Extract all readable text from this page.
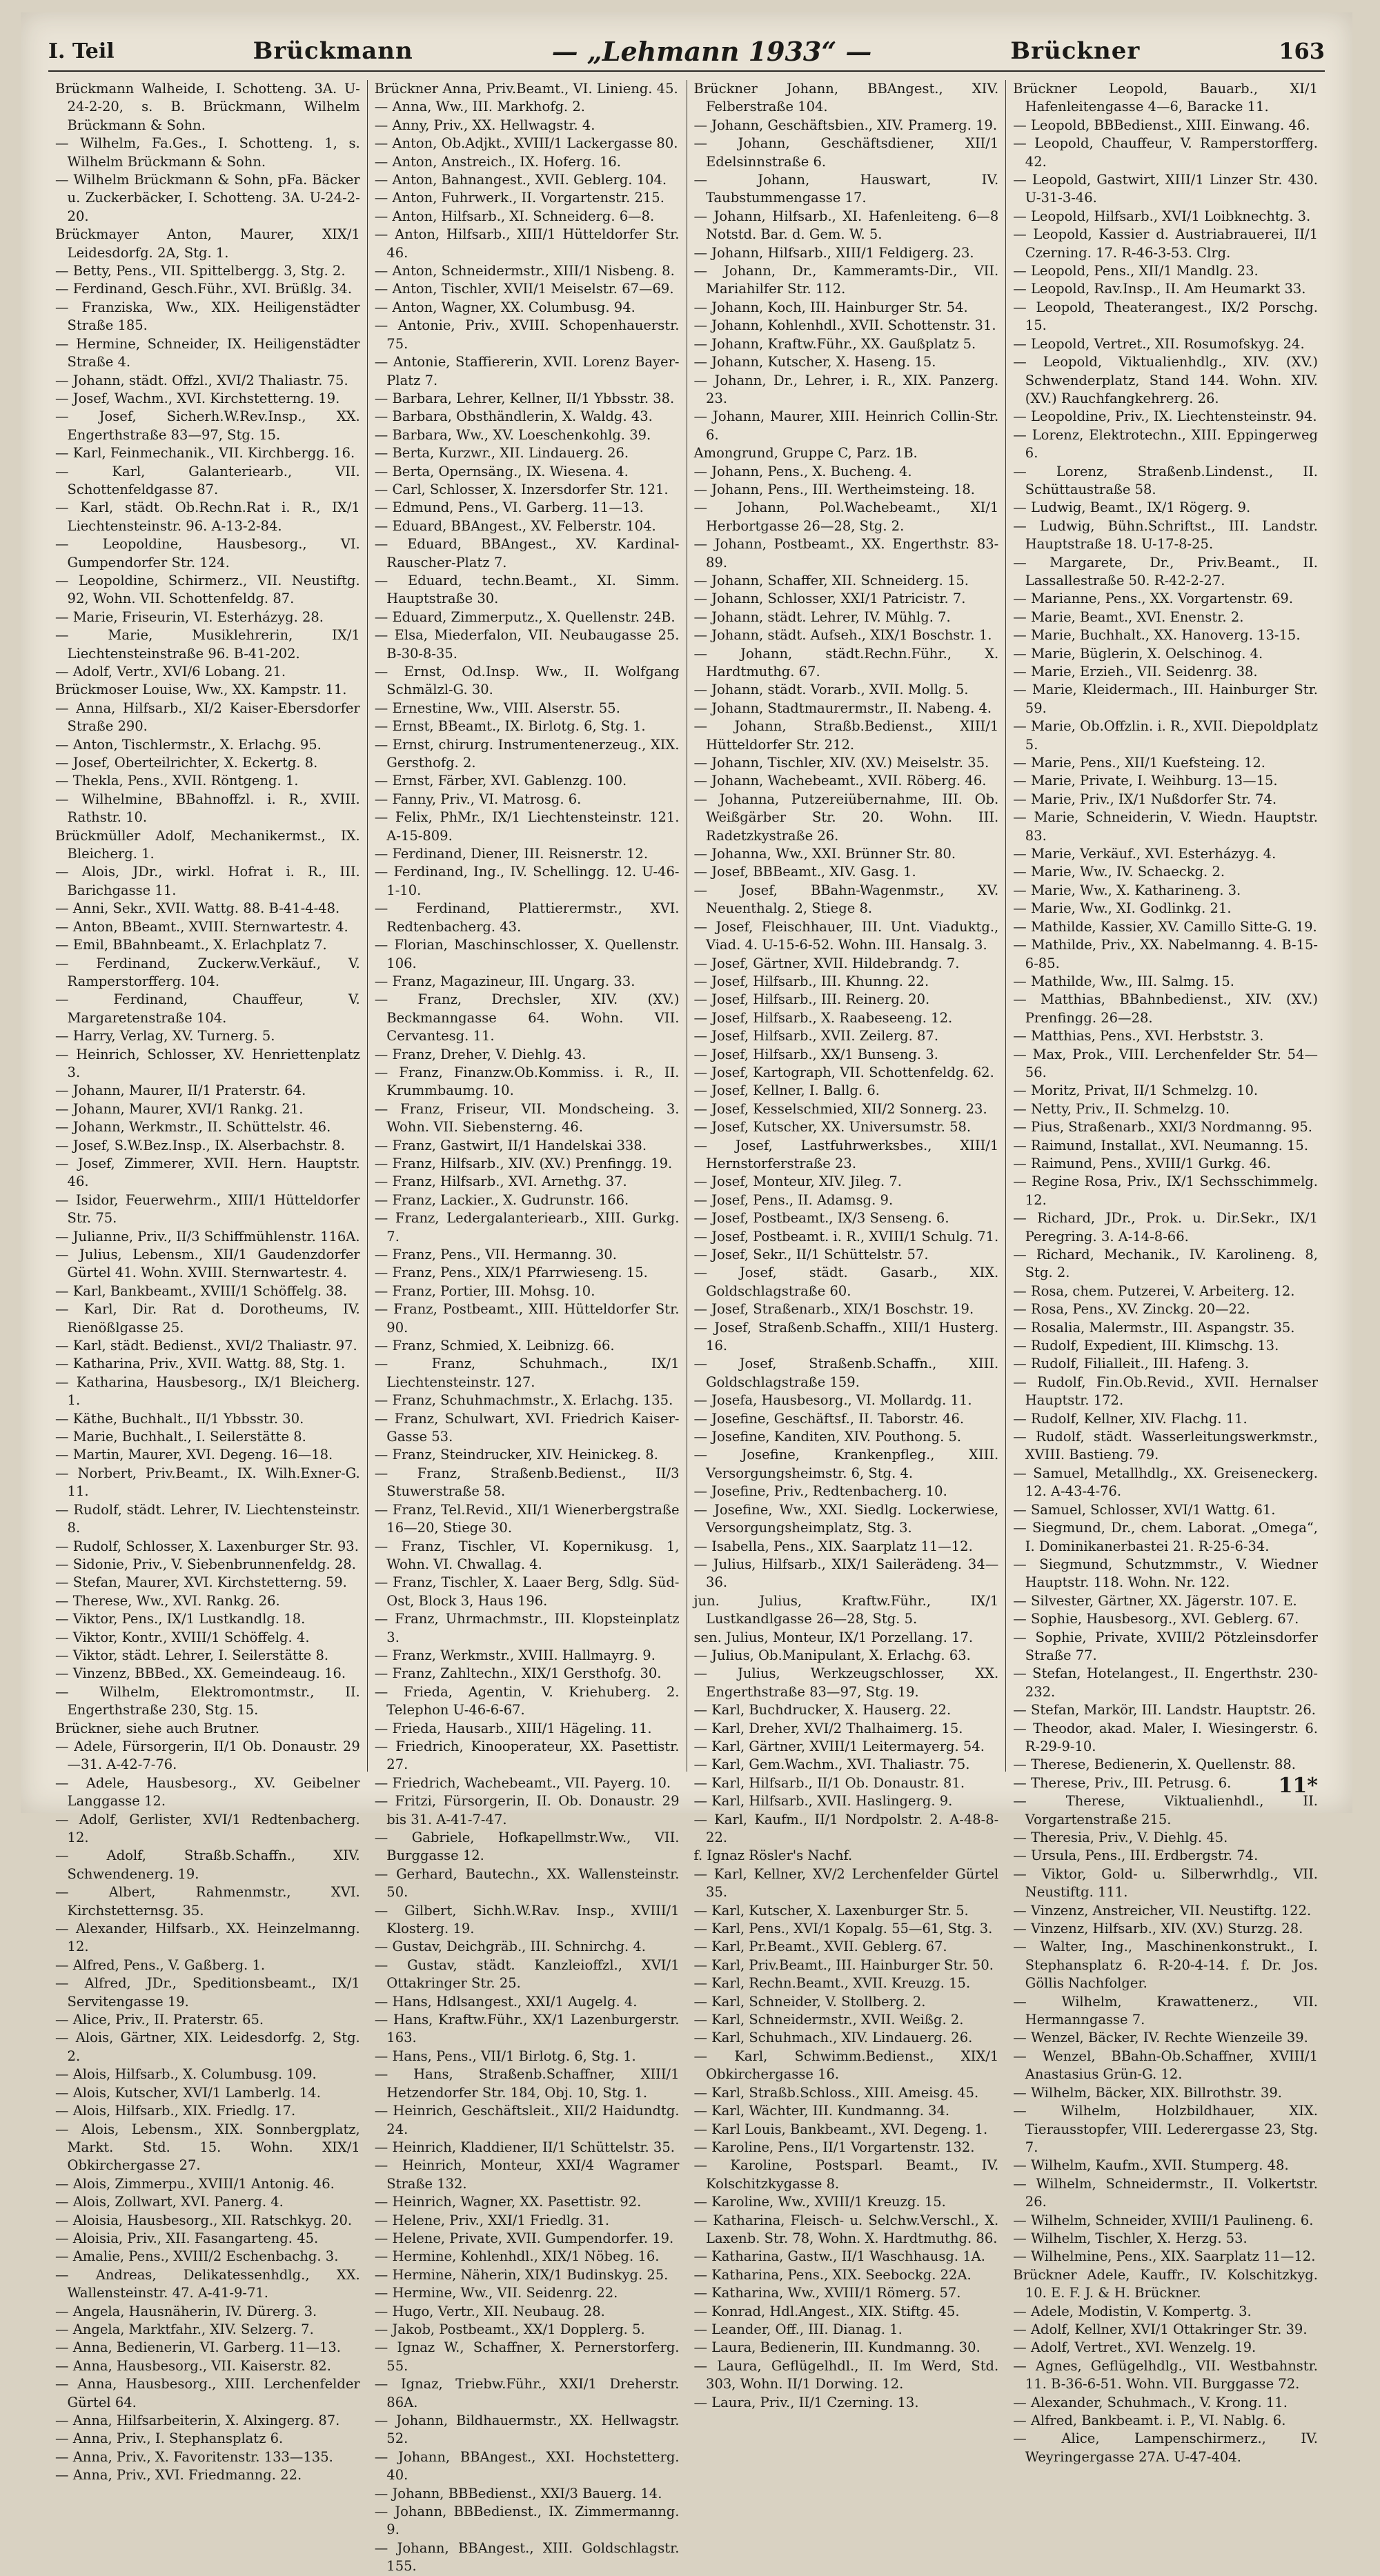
I. Teil	Brückmann	— „Lehmann 1933“ —	Brückner	163
Brückmann Walheide, I. Schotteng. 3A. U-24-2-20, s. B. Brückmann, Wilhelm Brückmann & Sohn.
— Wilhelm, Fa.Ges., I. Schotteng. 1, s. Wilhelm Brückmann & Sohn.
— Wilhelm Brückmann & Sohn, pFa. Bäcker u. Zuckerbäcker, I. Schotteng. 3A. U-24-2-20.
Brückmayer Anton, Maurer, XIX/1 Leidesdorfg. 2A, Stg. 1.
— Betty, Pens., VII. Spittelbergg. 3, Stg. 2.
— Ferdinand, Gesch.Führ., XVI. Brüßlg. 34.
— Franziska, Ww., XIX. Heiligenstädter Straße 185.
— Hermine, Schneider, IX. Heiligenstädter Straße 4.
— Johann, städt. Offzl., XVI/2 Thaliastr. 75.
— Josef, Wachm., XVI. Kirchstetterng. 19.
— Josef, Sicherh.W.Rev.Insp., XX. Engerthstraße 83—97, Stg. 15.
— Karl, Feinmechanik., VII. Kirchbergg. 16.
— Karl, Galanteriearb., VII. Schottenfeldgasse 87.
— Karl, städt. Ob.Rechn.Rat i. R., IX/1 Liechtensteinstr. 96. A-13-2-84.
— Leopoldine, Hausbesorg., VI. Gumpendorfer Str. 124.
— Leopoldine, Schirmerz., VII. Neustiftg. 92, Wohn. VII. Schottenfeldg. 87.
— Marie, Friseurin, VI. Esterházyg. 28.
— Marie, Musiklehrerin, IX/1 Liechtensteinstraße 96. B-41-202.
— Adolf, Vertr., XVI/6 Lobang. 21.
Brückmoser Louise, Ww., XX. Kampstr. 11.
— Anna, Hilfsarb., XI/2 Kaiser-Ebersdorfer Straße 290.
— Anton, Tischlermstr., X. Erlachg. 95.
— Josef, Oberteilrichter, X. Eckertg. 8.
— Thekla, Pens., XVII. Röntgeng. 1.
— Wilhelmine, BBahnoffzl. i. R., XVIII. Rathstr. 10.
Brückmüller Adolf, Mechanikermst., IX. Bleicherg. 1.
— Alois, JDr., wirkl. Hofrat i. R., III. Barichgasse 11.
— Anni, Sekr., XVII. Wattg. 88. B-41-4-48.
— Anton, BBeamt., XVIII. Sternwartestr. 4.
— Emil, BBahnbeamt., X. Erlachplatz 7.
— Ferdinand, Zuckerw.Verkäuf., V. Ramperstorfferg. 104.
— Ferdinand, Chauffeur, V. Margaretenstraße 104.
— Harry, Verlag, XV. Turnerg. 5.
— Heinrich, Schlosser, XV. Henriettenplatz 3.
— Johann, Maurer, II/1 Praterstr. 64.
— Johann, Maurer, XVI/1 Rankg. 21.
— Johann, Werkmstr., II. Schüttelstr. 46.
— Josef, S.W.Bez.Insp., IX. Alserbachstr. 8.
— Josef, Zimmerer, XVII. Hern. Hauptstr. 46.
— Isidor, Feuerwehrm., XIII/1 Hütteldorfer Str. 75.
— Julianne, Priv., II/3 Schiffmühlenstr. 116A.
— Julius, Lebensm., XII/1 Gaudenzdorfer Gürtel 41. Wohn. XVIII. Sternwartestr. 4.
— Karl, Bankbeamt., XVIII/1 Schöffelg. 38.
— Karl, Dir. Rat d. Dorotheums, IV. Rienößlgasse 25.
— Karl, städt. Bedienst., XVI/2 Thaliastr. 97.
— Katharina, Priv., XVII. Wattg. 88, Stg. 1.
— Katharina, Hausbesorg., IX/1 Bleicherg. 1.
— Käthe, Buchhalt., II/1 Ybbsstr. 30.
— Marie, Buchhalt., I. Seilerstätte 8.
— Martin, Maurer, XVI. Degeng. 16—18.
— Norbert, Priv.Beamt., IX. Wilh.Exner-G. 11.
— Rudolf, städt. Lehrer, IV. Liechtensteinstr. 8.
— Rudolf, Schlosser, X. Laxenburger Str. 93.
— Sidonie, Priv., V. Siebenbrunnenfeldg. 28.
— Stefan, Maurer, XVI. Kirchstetterng. 59.
— Therese, Ww., XVI. Rankg. 26.
— Viktor, Pens., IX/1 Lustkandlg. 18.
— Viktor, Kontr., XVIII/1 Schöffelg. 4.
— Viktor, städt. Lehrer, I. Seilerstätte 8.
— Vinzenz, BBBed., XX. Gemeindeaug. 16.
— Wilhelm, Elektromontmstr., II. Engerthstraße 230, Stg. 15.
Brückner, siehe auch Brutner.
— Adele, Fürsorgerin, II/1 Ob. Donaustr. 29—31. A-42-7-76.
— Adele, Hausbesorg., XV. Geibelner Langgasse 12.
— Adolf, Gerlister, XVI/1 Redtenbacherg. 12.
— Adolf, Straßb.Schaffn., XIV. Schwendenerg. 19.
— Albert, Rahmenmstr., XVI. Kirchstetternsg. 35.
— Alexander, Hilfsarb., XX. Heinzelmanng. 12.
— Alfred, Pens., V. Gaßberg. 1.
— Alfred, JDr., Speditionsbeamt., IX/1 Servitengasse 19.
— Alice, Priv., II. Praterstr. 65.
— Alois, Gärtner, XIX. Leidesdorfg. 2, Stg. 2.
— Alois, Hilfsarb., X. Columbusg. 109.
— Alois, Kutscher, XVI/1 Lamberlg. 14.
— Alois, Hilfsarb., XIX. Friedlg. 17.
— Alois, Lebensm., XIX. Sonnbergplatz, Markt. Std. 15. Wohn. XIX/1 Obkirchergasse 27.
— Alois, Zimmerpu., XVIII/1 Antonig. 46.
— Alois, Zollwart, XVI. Panerg. 4.
— Aloisia, Hausbesorg., XII. Ratschkyg. 20.
— Aloisia, Priv., XII. Fasangarteng. 45.
— Amalie, Pens., XVIII/2 Eschenbachg. 3.
— Andreas, Delikatessenhdlg., XX. Wallensteinstr. 47. A-41-9-71.
— Angela, Hausnäherin, IV. Dürerg. 3.
— Angela, Marktfahr., XIV. Selzerg. 7.
— Anna, Bedienerin, VI. Garberg. 11—13.
— Anna, Hausbesorg., VII. Kaiserstr. 82.
— Anna, Hausbesorg., XIII. Lerchenfelder Gürtel 64.
— Anna, Hilfsarbeiterin, X. Alxingerg. 87.
— Anna, Priv., I. Stephansplatz 6.
— Anna, Priv., X. Favoritenstr. 133—135.
— Anna, Priv., XVI. Friedmanng. 22.
Brückner Anna, Priv.Beamt., VI. Linieng. 45.
— Anna, Ww., III. Markhofg. 2.
— Anny, Priv., XX. Hellwagstr. 4.
— Anton, Ob.Adjkt., XVIII/1 Lackergasse 80.
— Anton, Anstreich., IX. Hoferg. 16.
— Anton, Bahnangest., XVII. Geblerg. 104.
— Anton, Fuhrwerk., II. Vorgartenstr. 215.
— Anton, Hilfsarb., XI. Schneiderg. 6—8.
— Anton, Hilfsarb., XIII/1 Hütteldorfer Str. 46.
— Anton, Schneidermstr., XIII/1 Nisbeng. 8.
— Anton, Tischler, XVII/1 Meiselstr. 67—69.
— Anton, Wagner, XX. Columbusg. 94.
— Antonie, Priv., XVIII. Schopenhauerstr. 75.
— Antonie, Staffiererin, XVII. Lorenz Bayer-Platz 7.
— Barbara, Lehrer, Kellner, II/1 Ybbsstr. 38.
— Barbara, Obsthändlerin, X. Waldg. 43.
— Barbara, Ww., XV. Loeschenkohlg. 39.
— Berta, Kurzwr., XII. Lindauerg. 26.
— Berta, Opernsäng., IX. Wiesena. 4.
— Carl, Schlosser, X. Inzersdorfer Str. 121.
— Edmund, Pens., VI. Garberg. 11—13.
— Eduard, BBAngest., XV. Felberstr. 104.
— Eduard, BBAngest., XV. Kardinal-Rauscher-Platz 7.
— Eduard, techn.Beamt., XI. Simm. Hauptstraße 30.
— Eduard, Zimmerputz., X. Quellenstr. 24B.
— Elsa, Miederfalon, VII. Neubaugasse 25. B-30-8-35.
— Ernst, Od.Insp. Ww., II. Wolfgang Schmälzl-G. 30.
— Ernestine, Ww., VIII. Alserstr. 55.
— Ernst, BBeamt., IX. Birlotg. 6, Stg. 1.
— Ernst, chirurg. Instrumentenerzeug., XIX. Gersthofg. 2.
— Ernst, Färber, XVI. Gablenzg. 100.
— Fanny, Priv., VI. Matrosg. 6.
— Felix, PhMr., IX/1 Liechtensteinstr. 121. A-15-809.
— Ferdinand, Diener, III. Reisnerstr. 12.
— Ferdinand, Ing., IV. Schellingg. 12. U-46-1-10.
— Ferdinand, Plattierermstr., XVI. Redtenbacherg. 43.
— Florian, Maschinschlosser, X. Quellenstr. 106.
— Franz, Magazineur, III. Ungarg. 33.
— Franz, Drechsler, XIV. (XV.) Beckmanngasse 64. Wohn. VII. Cervantesg. 11.
— Franz, Dreher, V. Diehlg. 43.
— Franz, Finanzw.Ob.Kommiss. i. R., II. Krummbaumg. 10.
— Franz, Friseur, VII. Mondscheing. 3. Wohn. VII. Siebensterng. 46.
— Franz, Gastwirt, II/1 Handelskai 338.
— Franz, Hilfsarb., XIV. (XV.) Prenfingg. 19.
— Franz, Hilfsarb., XVI. Arnethg. 37.
— Franz, Lackier., X. Gudrunstr. 166.
— Franz, Ledergalanteriearb., XIII. Gurkg. 7.
— Franz, Pens., VII. Hermanng. 30.
— Franz, Pens., XIX/1 Pfarrwieseng. 15.
— Franz, Portier, III. Mohsg. 10.
— Franz, Postbeamt., XIII. Hütteldorfer Str. 90.
— Franz, Schmied, X. Leibnizg. 66.
— Franz, Schuhmach., IX/1 Liechtensteinstr. 127.
— Franz, Schuhmachmstr., X. Erlachg. 135.
— Franz, Schulwart, XVI. Friedrich Kaiser-Gasse 53.
— Franz, Steindrucker, XIV. Heinickeg. 8.
— Franz, Straßenb.Bedienst., II/3 Stuwerstraße 58.
— Franz, Tel.Revid., XII/1 Wienerbergstraße 16—20, Stiege 30.
— Franz, Tischler, VI. Kopernikusg. 1, Wohn. VI. Chwallag. 4.
— Franz, Tischler, X. Laaer Berg, Sdlg. Süd-Ost, Block 3, Haus 196.
— Franz, Uhrmachmstr., III. Klopsteinplatz 3.
— Franz, Werkmstr., XVIII. Hallmayrg. 9.
— Franz, Zahltechn., XIX/1 Gersthofg. 30.
— Frieda, Agentin, V. Kriehuberg. 2. Telephon U-46-6-67.
— Frieda, Hausarb., XIII/1 Hägeling. 11.
— Friedrich, Kinooperateur, XX. Pasettistr. 27.
— Friedrich, Wachebeamt., VII. Payerg. 10.
— Fritzi, Fürsorgerin, II. Ob. Donaustr. 29 bis 31. A-41-7-47.
— Gabriele, Hofkapellmstr.Ww., VII. Burggasse 12.
— Gerhard, Bautechn., XX. Wallensteinstr. 50.
— Gilbert, Sichh.W.Rav. Insp., XVIII/1 Klosterg. 19.
— Gustav, Deichgräb., III. Schnirchg. 4.
— Gustav, städt. Kanzleioffzl., XVI/1 Ottakringer Str. 25.
— Hans, Hdlsangest., XXI/1 Augelg. 4.
— Hans, Kraftw.Führ., XX/1 Lazenburgerstr. 163.
— Hans, Pens., VII/1 Birlotg. 6, Stg. 1.
— Hans, Straßenb.Schaffner, XIII/1 Hetzendorfer Str. 184, Obj. 10, Stg. 1.
— Heinrich, Geschäftsleit., XII/2 Haidundtg. 24.
— Heinrich, Kladdiener, II/1 Schüttelstr. 35.
— Heinrich, Monteur, XXI/4 Wagramer Straße 132.
— Heinrich, Wagner, XX. Pasettistr. 92.
— Helene, Priv., XXI/1 Friedlg. 31.
— Helene, Private, XVII. Gumpendorfer. 19.
— Hermine, Kohlenhdl., XIX/1 Nöbeg. 16.
— Hermine, Näherin, XIX/1 Budinskyg. 25.
— Hermine, Ww., VII. Seidenrg. 22.
— Hugo, Vertr., XII. Neubaug. 28.
— Jakob, Postbeamt., XX/1 Dopplerg. 5.
— Ignaz W., Schaffner, X. Pernerstorferg. 55.
— Ignaz, Triebw.Führ., XXI/1 Dreherstr. 86A.
— Johann, Bildhauermstr., XX. Hellwagstr. 52.
— Johann, BBAngest., XXI. Hochstetterg. 40.
— Johann, BBBedienst., XXI/3 Bauerg. 14.
— Johann, BBBedienst., IX. Zimmermanng. 9.
— Johann, BBAngest., XIII. Goldschlagstr. 155.
Brückner Johann, BBAngest., XIV. Felberstraße 104.
— Johann, Geschäftsbien., XIV. Pramerg. 19.
— Johann, Geschäftsdiener, XII/1 Edelsinnstraße 6.
— Johann, Hauswart, IV. Taubstummengasse 17.
— Johann, Hilfsarb., XI. Hafenleiteng. 6—8 Notstd. Bar. d. Gem. W. 5.
— Johann, Hilfsarb., XIII/1 Feldigerg. 23.
— Johann, Dr., Kammeramts-Dir., VII. Mariahilfer Str. 112.
— Johann, Koch, III. Hainburger Str. 54.
— Johann, Kohlenhdl., XVII. Schottenstr. 31.
— Johann, Kraftw.Führ., XX. Gaußplatz 5.
— Johann, Kutscher, X. Haseng. 15.
— Johann, Dr., Lehrer, i. R., XIX. Panzerg. 23.
— Johann, Maurer, XIII. Heinrich Collin-Str. 6.
Amongrund, Gruppe C, Parz. 1B.
— Johann, Pens., X. Bucheng. 4.
— Johann, Pens., III. Wertheimsteing. 18.
— Johann, Pol.Wachebeamt., XI/1 Herbortgasse 26—28, Stg. 2.
— Johann, Postbeamt., XX. Engerthstr. 83-89.
— Johann, Schaffer, XII. Schneiderg. 15.
— Johann, Schlosser, XXI/1 Patricistr. 7.
— Johann, städt. Lehrer, IV. Mühlg. 7.
— Johann, städt. Aufseh., XIX/1 Boschstr. 1.
— Johann, städt.Rechn.Führ., X. Hardtmuthg. 67.
— Johann, städt. Vorarb., XVII. Mollg. 5.
— Johann, Stadtmaurermstr., II. Nabeng. 4.
— Johann, Straßb.Bedienst., XIII/1 Hütteldorfer Str. 212.
— Johann, Tischler, XIV. (XV.) Meiselstr. 35.
— Johann, Wachebeamt., XVII. Röberg. 46.
— Johanna, Putzereiübernahme, III. Ob. Weißgärber Str. 20. Wohn. III. Radetzkystraße 26.
— Johanna, Ww., XXI. Brünner Str. 80.
— Josef, BBBeamt., XIV. Gasg. 1.
— Josef, BBahn-Wagenmstr., XV. Neuenthalg. 2, Stiege 8.
— Josef, Fleischhauer, III. Unt. Viaduktg., Viad. 4. U-15-6-52. Wohn. III. Hansalg. 3.
— Josef, Gärtner, XVII. Hildebrandg. 7.
— Josef, Hilfsarb., III. Khunng. 22.
— Josef, Hilfsarb., III. Reinerg. 20.
— Josef, Hilfsarb., X. Raabeseeng. 12.
— Josef, Hilfsarb., XVII. Zeilerg. 87.
— Josef, Hilfsarb., XX/1 Bunseng. 3.
— Josef, Kartograph, VII. Schottenfeldg. 62.
— Josef, Kellner, I. Ballg. 6.
— Josef, Kesselschmied, XII/2 Sonnerg. 23.
— Josef, Kutscher, XX. Universumstr. 58.
— Josef, Lastfuhrwerksbes., XIII/1 Hernstorferstraße 23.
— Josef, Monteur, XIV. Jileg. 7.
— Josef, Pens., II. Adamsg. 9.
— Josef, Postbeamt., IX/3 Senseng. 6.
— Josef, Postbeamt. i. R., XVIII/1 Schulg. 71.
— Josef, Sekr., II/1 Schüttelstr. 57.
— Josef, städt. Gasarb., XIX. Goldschlagstraße 60.
— Josef, Straßenarb., XIX/1 Boschstr. 19.
— Josef, Straßenb.Schaffn., XIII/1 Husterg. 16.
— Josef, Straßenb.Schaffn., XIII. Goldschlagstraße 159.
— Josefa, Hausbesorg., VI. Mollardg. 11.
— Josefine, Geschäftsf., II. Taborstr. 46.
— Josefine, Kanditen, XIV. Pouthong. 5.
— Josefine, Krankenpfleg., XIII. Versorgungsheimstr. 6, Stg. 4.
— Josefine, Priv., Redtenbacherg. 10.
— Josefine, Ww., XXI. Siedlg. Lockerwiese, Versorgungsheimplatz, Stg. 3.
— Isabella, Pens., XIX. Saarplatz 11—12.
— Julius, Hilfsarb., XIX/1 Sailerädeng. 34—36.
jun. Julius, Kraftw.Führ., IX/1 Lustkandlgasse 26—28, Stg. 5.
sen. Julius, Monteur, IX/1 Porzellang. 17.
— Julius, Ob.Manipulant, X. Erlachg. 63.
— Julius, Werkzeugschlosser, XX. Engerthstraße 83—97, Stg. 19.
— Karl, Buchdrucker, X. Hauserg. 22.
— Karl, Dreher, XVI/2 Thalhaimerg. 15.
— Karl, Gärtner, XVIII/1 Leitermayerg. 54.
— Karl, Gem.Wachm., XVI. Thaliastr. 75.
— Karl, Hilfsarb., II/1 Ob. Donaustr. 81.
— Karl, Hilfsarb., XVII. Haslingerg. 9.
— Karl, Kaufm., II/1 Nordpolstr. 2. A-48-8-22.
f. Ignaz Rösler's Nachf.
— Karl, Kellner, XV/2 Lerchenfelder Gürtel 35.
— Karl, Kutscher, X. Laxenburger Str. 5.
— Karl, Pens., XVI/1 Kopalg. 55—61, Stg. 3.
— Karl, Pr.Beamt., XVII. Geblerg. 67.
— Karl, Priv.Beamt., III. Hainburger Str. 50.
— Karl, Rechn.Beamt., XVII. Kreuzg. 15.
— Karl, Schneider, V. Stollberg. 2.
— Karl, Schneidermstr., XVII. Weißg. 2.
— Karl, Schuhmach., XIV. Lindauerg. 26.
— Karl, Schwimm.Bedienst., XIX/1 Obkirchergasse 16.
— Karl, Straßb.Schloss., XIII. Ameisg. 45.
— Karl, Wächter, III. Kundmanng. 34.
— Karl Louis, Bankbeamt., XVI. Degeng. 1.
— Karoline, Pens., II/1 Vorgartenstr. 132.
— Karoline, Postsparl. Beamt., IV. Kolschitzkygasse 8.
— Karoline, Ww., XVIII/1 Kreuzg. 15.
— Katharina, Fleisch- u. Selchw.Verschl., X. Laxenb. Str. 78, Wohn. X. Hardtmuthg. 86.
— Katharina, Gastw., II/1 Waschhausg. 1A.
— Katharina, Pens., XIX. Seebockg. 22A.
— Katharina, Ww., XVIII/1 Römerg. 57.
— Konrad, Hdl.Angest., XIX. Stiftg. 45.
— Leander, Off., III. Dianag. 1.
— Laura, Bedienerin, III. Kundmanng. 30.
— Laura, Geflügelhdl., II. Im Werd, Std. 303, Wohn. II/1 Dorwing. 12.
— Laura, Priv., II/1 Czerning. 13.
Brückner Leopold, Bauarb., XI/1 Hafenleitengasse 4—6, Baracke 11.
— Leopold, BBBedienst., XIII. Einwang. 46.
— Leopold, Chauffeur, V. Ramperstorfferg. 42.
— Leopold, Gastwirt, XIII/1 Linzer Str. 430. U-31-3-46.
— Leopold, Hilfsarb., XVI/1 Loibknechtg. 3.
— Leopold, Kassier d. Austriabrauerei, II/1 Czerning. 17. R-46-3-53. Clrg.
— Leopold, Pens., XII/1 Mandlg. 23.
— Leopold, Rav.Insp., II. Am Heumarkt 33.
— Leopold, Theaterangest., IX/2 Porschg. 15.
— Leopold, Vertret., XII. Rosumofskyg. 24.
— Leopold, Viktualienhdlg., XIV. (XV.) Schwenderplatz, Stand 144. Wohn. XIV. (XV.) Rauchfangkehrerg. 26.
— Leopoldine, Priv., IX. Liechtensteinstr. 94.
— Lorenz, Elektrotechn., XIII. Eppingerweg 6.
— Lorenz, Straßenb.Lindenst., II. Schüttaustraße 58.
— Ludwig, Beamt., IX/1 Rögerg. 9.
— Ludwig, Bühn.Schriftst., III. Landstr. Hauptstraße 18. U-17-8-25.
— Margarete, Dr., Priv.Beamt., II. Lassallestraße 50. R-42-2-27.
— Marianne, Pens., XX. Vorgartenstr. 69.
— Marie, Beamt., XVI. Enenstr. 2.
— Marie, Buchhalt., XX. Hanoverg. 13-15.
— Marie, Büglerin, X. Oelschinog. 4.
— Marie, Erzieh., VII. Seidenrg. 38.
— Marie, Kleidermach., III. Hainburger Str. 59.
— Marie, Ob.Offzlin. i. R., XVII. Diepoldplatz 5.
— Marie, Pens., XII/1 Kuefsteing. 12.
— Marie, Private, I. Weihburg. 13—15.
— Marie, Priv., IX/1 Nußdorfer Str. 74.
— Marie, Schneiderin, V. Wiedn. Hauptstr. 83.
— Marie, Verkäuf., XVI. Esterházyg. 4.
— Marie, Ww., IV. Schaeckg. 2.
— Marie, Ww., X. Katharineng. 3.
— Marie, Ww., XI. Godlinkg. 21.
— Mathilde, Kassier, XV. Camillo Sitte-G. 19.
— Mathilde, Priv., XX. Nabelmanng. 4. B-15-6-85.
— Mathilde, Ww., III. Salmg. 15.
— Matthias, BBahnbedienst., XIV. (XV.) Prenfingg. 26—28.
— Matthias, Pens., XVI. Herbststr. 3.
— Max, Prok., VIII. Lerchenfelder Str. 54—56.
— Moritz, Privat, II/1 Schmelzg. 10.
— Netty, Priv., II. Schmelzg. 10.
— Pius, Straßenarb., XXI/3 Nordmanng. 95.
— Raimund, Installat., XVI. Neumanng. 15.
— Raimund, Pens., XVIII/1 Gurkg. 46.
— Regine Rosa, Priv., IX/1 Sechsschimmelg. 12.
— Richard, JDr., Prok. u. Dir.Sekr., IX/1 Peregring. 3. A-14-8-66.
— Richard, Mechanik., IV. Karolineng. 8, Stg. 2.
— Rosa, chem. Putzerei, V. Arbeiterg. 12.
— Rosa, Pens., XV. Zinckg. 20—22.
— Rosalia, Malermstr., III. Aspangstr. 35.
— Rudolf, Expedient, III. Klimschg. 13.
— Rudolf, Filialleit., III. Hafeng. 3.
— Rudolf, Fin.Ob.Revid., XVII. Hernalser Hauptstr. 172.
— Rudolf, Kellner, XIV. Flachg. 11.
— Rudolf, städt. Wasserleitungswerkmstr., XVIII. Bastieng. 79.
— Samuel, Metallhdlg., XX. Greiseneckerg. 12. A-43-4-76.
— Samuel, Schlosser, XVI/1 Wattg. 61.
— Siegmund, Dr., chem. Laborat. „Omega“, I. Dominikanerbastei 21. R-25-6-34.
— Siegmund, Schutzmmstr., V. Wiedner Hauptstr. 118. Wohn. Nr. 122.
— Silvester, Gärtner, XX. Jägerstr. 107. E.
— Sophie, Hausbesorg., XVI. Geblerg. 67.
— Sophie, Private, XVIII/2 Pötzleinsdorfer Straße 77.
— Stefan, Hotelangest., II. Engerthstr. 230-232.
— Stefan, Markör, III. Landstr. Hauptstr. 26.
— Theodor, akad. Maler, I. Wiesingerstr. 6. R-29-9-10.
— Therese, Bedienerin, X. Quellenstr. 88.
— Therese, Priv., III. Petrusg. 6.
— Therese, Viktualienhdl., II. Vorgartenstraße 215.
— Theresia, Priv., V. Diehlg. 45.
— Ursula, Pens., III. Erdbergstr. 74.
— Viktor, Gold- u. Silberwrhdlg., VII. Neustiftg. 111.
— Vinzenz, Anstreicher, VII. Neustiftg. 122.
— Vinzenz, Hilfsarb., XIV. (XV.) Sturzg. 28.
— Walter, Ing., Maschinenkonstrukt., I. Stephansplatz 6. R-20-4-14. f. Dr. Jos. Göllis Nachfolger.
— Wilhelm, Krawattenerz., VII. Hermanngasse 7.
— Wenzel, Bäcker, IV. Rechte Wienzeile 39.
— Wenzel, BBahn-Ob.Schaffner, XVIII/1 Anastasius Grün-G. 12.
— Wilhelm, Bäcker, XIX. Billrothstr. 39.
— Wilhelm, Holzbildhauer, XIX. Tierausstopfer, VIII. Lederergasse 23, Stg. 7.
— Wilhelm, Kaufm., XVII. Stumperg. 48.
— Wilhelm, Schneidermstr., II. Volkertstr. 26.
— Wilhelm, Schneider, XVIII/1 Paulineng. 6.
— Wilhelm, Tischler, X. Herzg. 53.
— Wilhelmine, Pens., XIX. Saarplatz 11—12.
Brückner Adele, Kauffr., IV. Kolschitzkyg. 10. E. F. J. & H. Brückner.
— Adele, Modistin, V. Kompertg. 3.
— Adolf, Kellner, XVI/1 Ottakringer Str. 39.
— Adolf, Vertret., XVI. Wenzelg. 19.
— Agnes, Geflügelhdlg., VII. Westbahnstr. 11. B-36-6-51. Wohn. VII. Burggasse 72.
— Alexander, Schuhmach., V. Krong. 11.
— Alfred, Bankbeamt. i. P., VI. Nablg. 6.
— Alice, Lampenschirmerz., IV. Weyringergasse 27A. U-47-404.
11*
